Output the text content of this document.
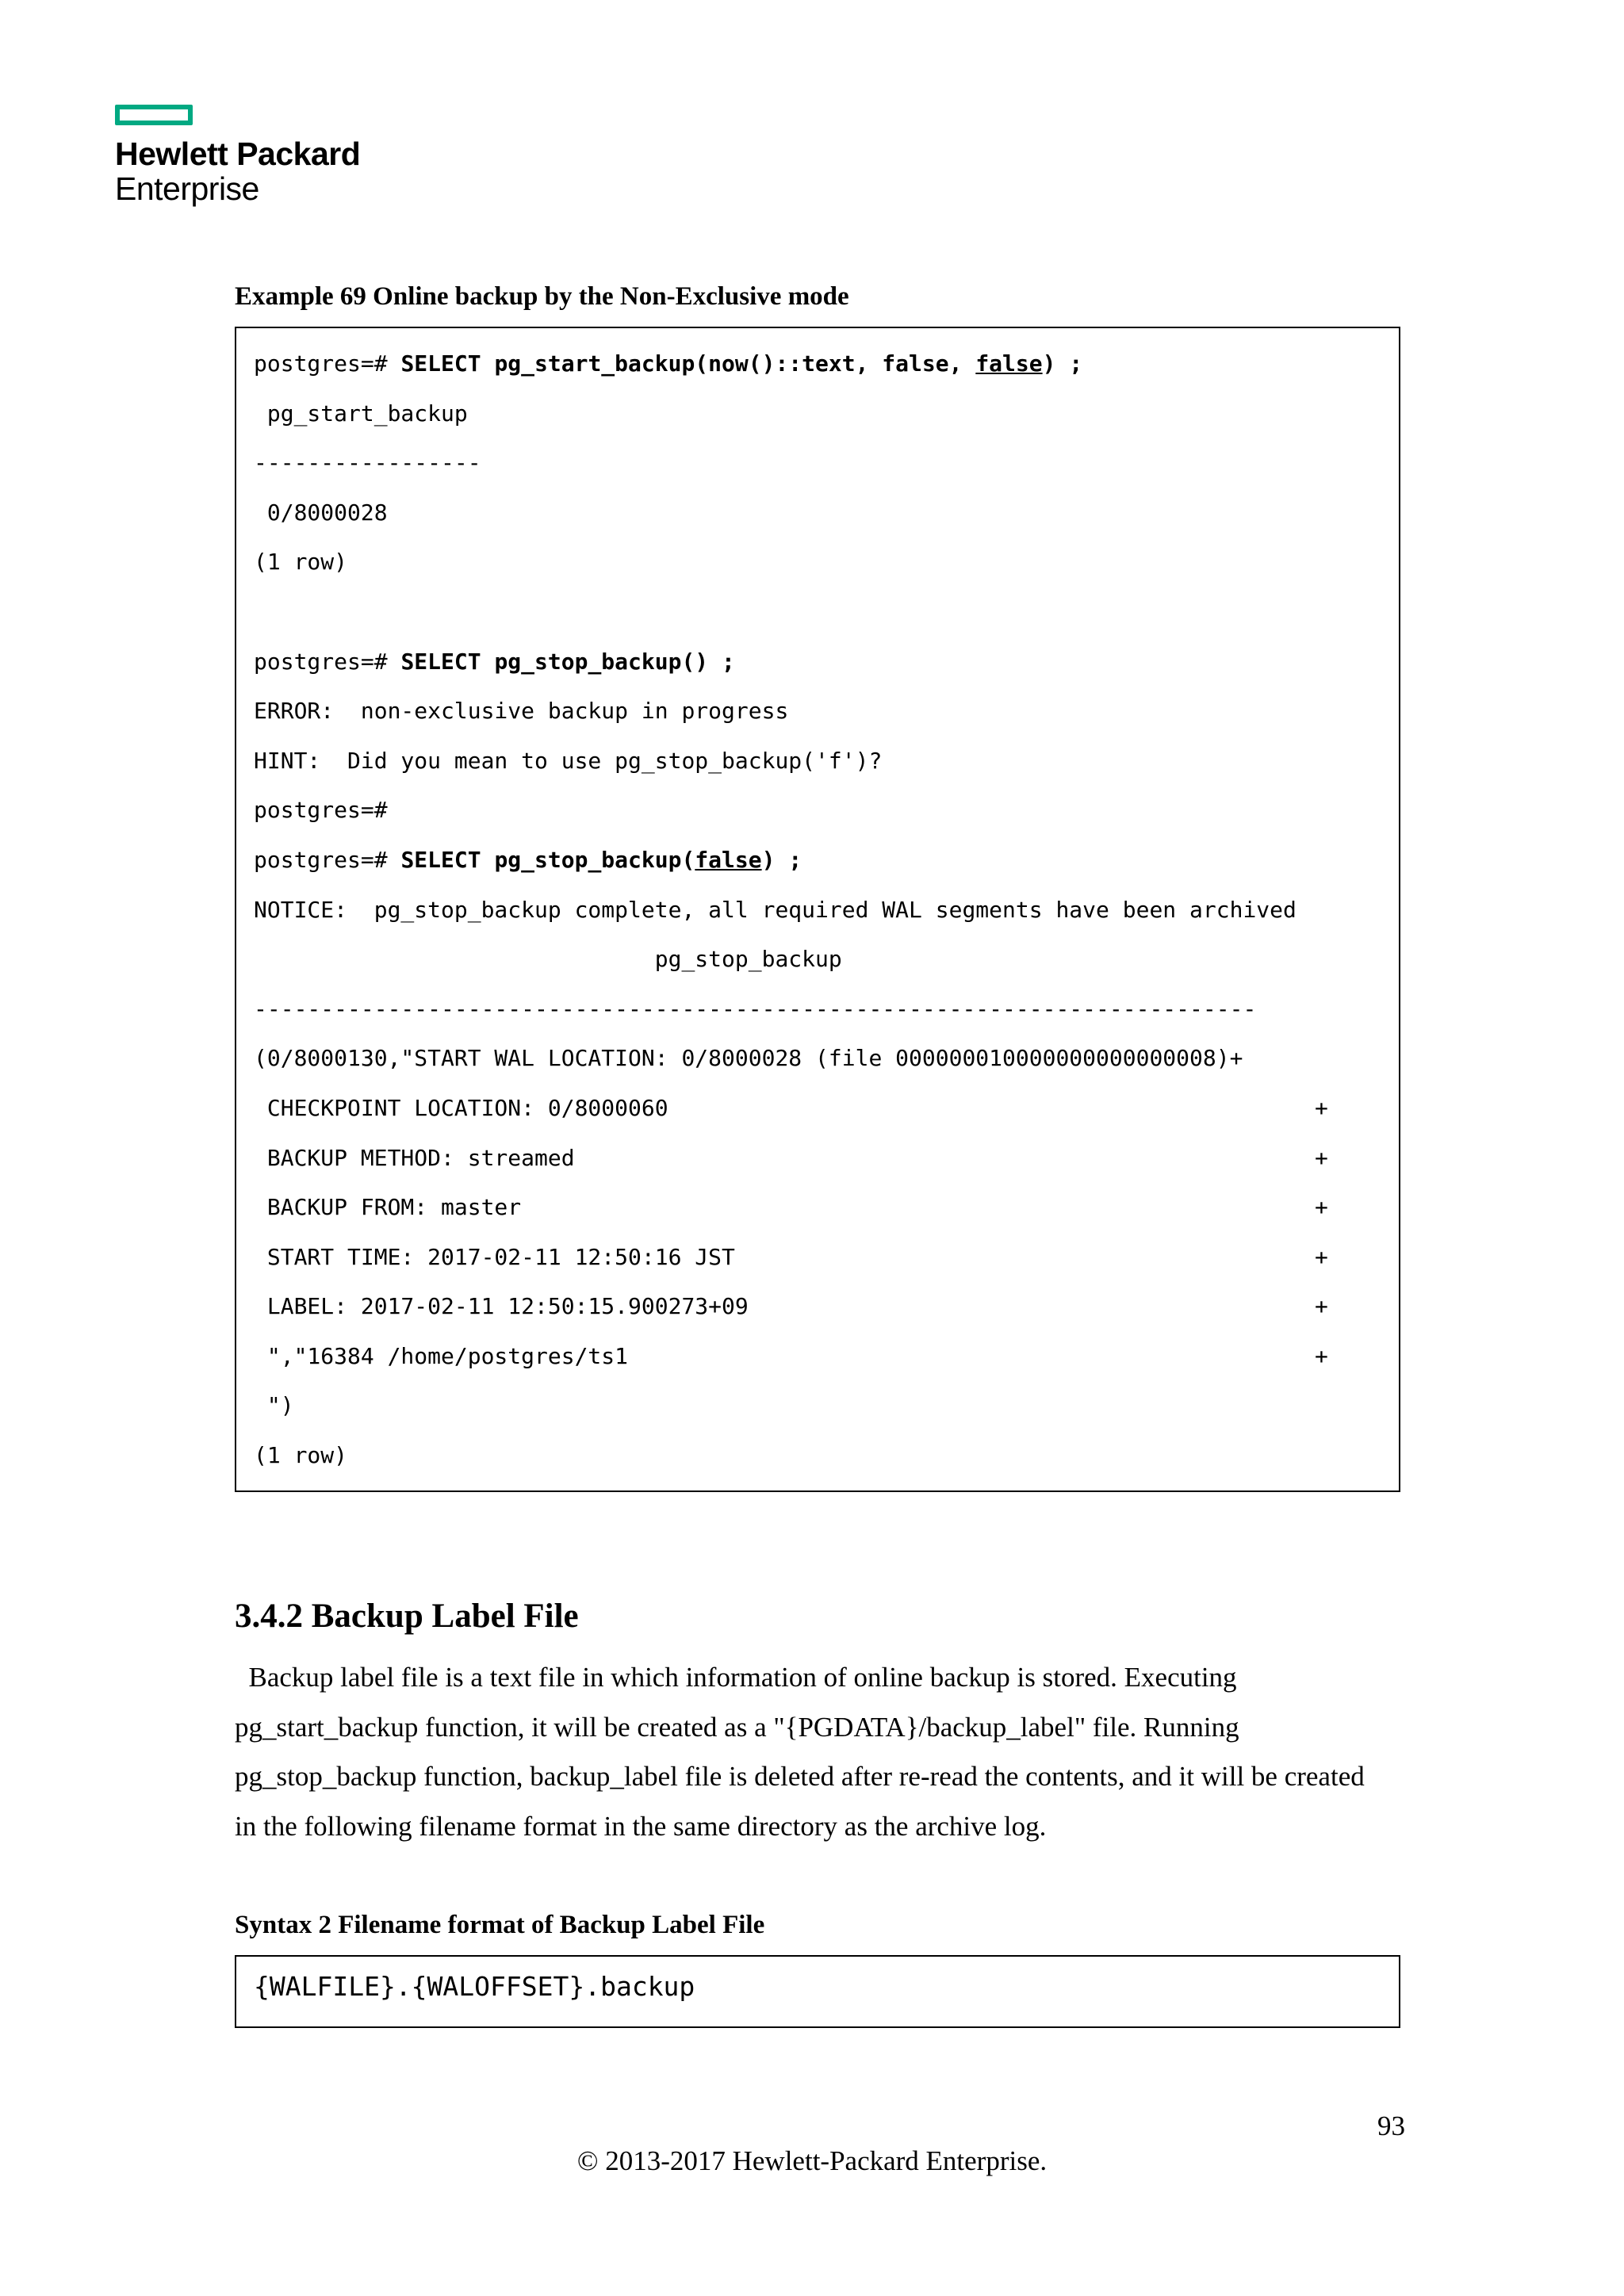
Hewlett Packard
Enterprise
Example 69 Online backup by the Non-Exclusive mode
postgres=# SELECT pg_start_backup(now()::text, false, false) ;
pg_start_backup
-----------------
0/8000028
(1 row)

postgres=# SELECT pg_stop_backup() ;
ERROR:  non-exclusive backup in progress
HINT:  Did you mean to use pg_stop_backup('f')?
postgres=#
postgres=# SELECT pg_stop_backup(false) ;
NOTICE:  pg_stop_backup complete, all required WAL segments have been archived
pg_stop_backup
---------------------------------------------------------------------------
(0/8000130,"START WAL LOCATION: 0/8000028 (file 000000010000000000000008)+
CHECKPOINT LOCATION: 0/8000060	+
BACKUP METHOD: streamed	+
BACKUP FROM: master	+
START TIME: 2017-02-11 12:50:16 JST	+
LABEL: 2017-02-11 12:50:15.900273+09	+
","16384 /home/postgres/ts1	+
")
(1 row)
3.4.2 Backup Label File
Backup label file is a text file in which information of online backup is stored. Executing
pg_start_backup function, it will be created as a "{PGDATA}/backup_label" file. Running
pg_stop_backup function, backup_label file is deleted after re-read the contents, and it will be created
in the following filename format in the same directory as the archive log.
Syntax 2 Filename format of Backup Label File
{WALFILE}.{WALOFFSET}.backup
93
© 2013-2017 Hewlett-Packard Enterprise.
